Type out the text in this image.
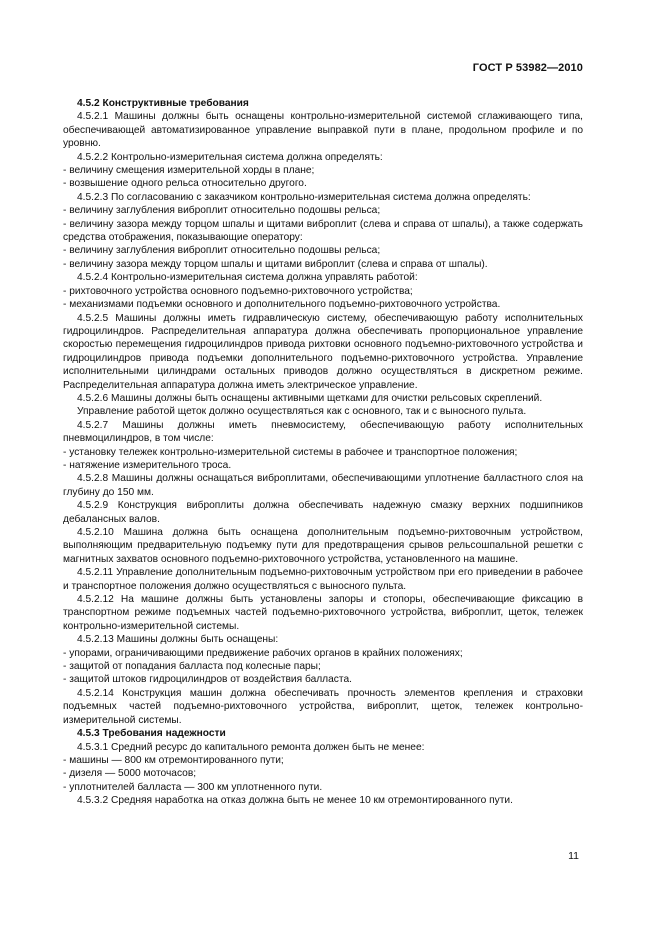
ГОСТ Р 53982—2010
4.5.2 Конструктивные требования
4.5.2.1 Машины должны быть оснащены контрольно-измерительной системой сглаживающего типа, обеспечивающей автоматизированное управление выправкой пути в плане, продольном профиле и по уровню.
4.5.2.2 Контрольно-измерительная система должна определять:
- величину смещения измерительной хорды в плане;
- возвышение одного рельса относительно другого.
4.5.2.3 По согласованию с заказчиком контрольно-измерительная система должна определять:
- величину заглубления виброплит относительно подошвы рельса;
- величину зазора между торцом шпалы и щитами виброплит (слева и справа от шпалы), а также содержать средства отображения, показывающие оператору:
- величину заглубления виброплит относительно подошвы рельса;
- величину зазора между торцом шпалы и щитами виброплит (слева и справа от шпалы).
4.5.2.4 Контрольно-измерительная система должна управлять работой:
- рихтовочного устройства основного подъемно-рихтовочного устройства;
- механизмами подъемки основного и дополнительного подъемно-рихтовочного устройства.
4.5.2.5 Машины должны иметь гидравлическую систему, обеспечивающую работу исполнительных гидроцилиндров. Распределительная аппаратура должна обеспечивать пропорциональное управление скоростью перемещения гидроцилиндров привода рихтовки основного подъемно-рихтовочного устройства и гидроцилиндров привода подъемки дополнительного подъемно-рихтовочного устройства. Управление исполнительными цилиндрами остальных приводов должно осуществляться в дискретном режиме. Распределительная аппаратура должна иметь электрическое управление.
4.5.2.6 Машины должны быть оснащены активными щетками для очистки рельсовых скреплений.
Управление работой щеток должно осуществляться как с основного, так и с выносного пульта.
4.5.2.7 Машины должны иметь пневмосистему, обеспечивающую работу исполнительных пневмоцилиндров, в том числе:
- установку тележек контрольно-измерительной системы в рабочее и транспортное положения;
- натяжение измерительного троса.
4.5.2.8 Машины должны оснащаться виброплитами, обеспечивающими уплотнение балластного слоя на глубину до 150 мм.
4.5.2.9 Конструкция виброплиты должна обеспечивать надежную смазку верхних подшипников дебалансных валов.
4.5.2.10 Машина должна быть оснащена дополнительным подъемно-рихтовочным устройством, выполняющим предварительную подъемку пути для предотвращения срывов рельсошпальной решетки с магнитных захватов основного подъемно-рихтовочного устройства, установленного на машине.
4.5.2.11 Управление дополнительным подъемно-рихтовочным устройством при его приведении в рабочее и транспортное положения должно осуществляться с выносного пульта.
4.5.2.12 На машине должны быть установлены запоры и стопоры, обеспечивающие фиксацию в транспортном режиме подъемных частей подъемно-рихтовочного устройства, виброплит, щеток, тележек контрольно-измерительной системы.
4.5.2.13 Машины должны быть оснащены:
- упорами, ограничивающими предвижение рабочих органов в крайних положениях;
- защитой от попадания балласта под колесные пары;
- защитой штоков гидроцилиндров от воздействия балласта.
4.5.2.14 Конструкция машин должна обеспечивать прочность элементов крепления и страховки подъемных частей подъемно-рихтовочного устройства, виброплит, щеток, тележек контрольно-измерительной системы.
4.5.3 Требования надежности
4.5.3.1 Средний ресурс до капитального ремонта должен быть не менее:
- машины — 800 км отремонтированного пути;
- дизеля — 5000 моточасов;
- уплотнителей балласта — 300 км уплотненного пути.
4.5.3.2 Средняя наработка на отказ должна быть не менее 10 км отремонтированного пути.
11
